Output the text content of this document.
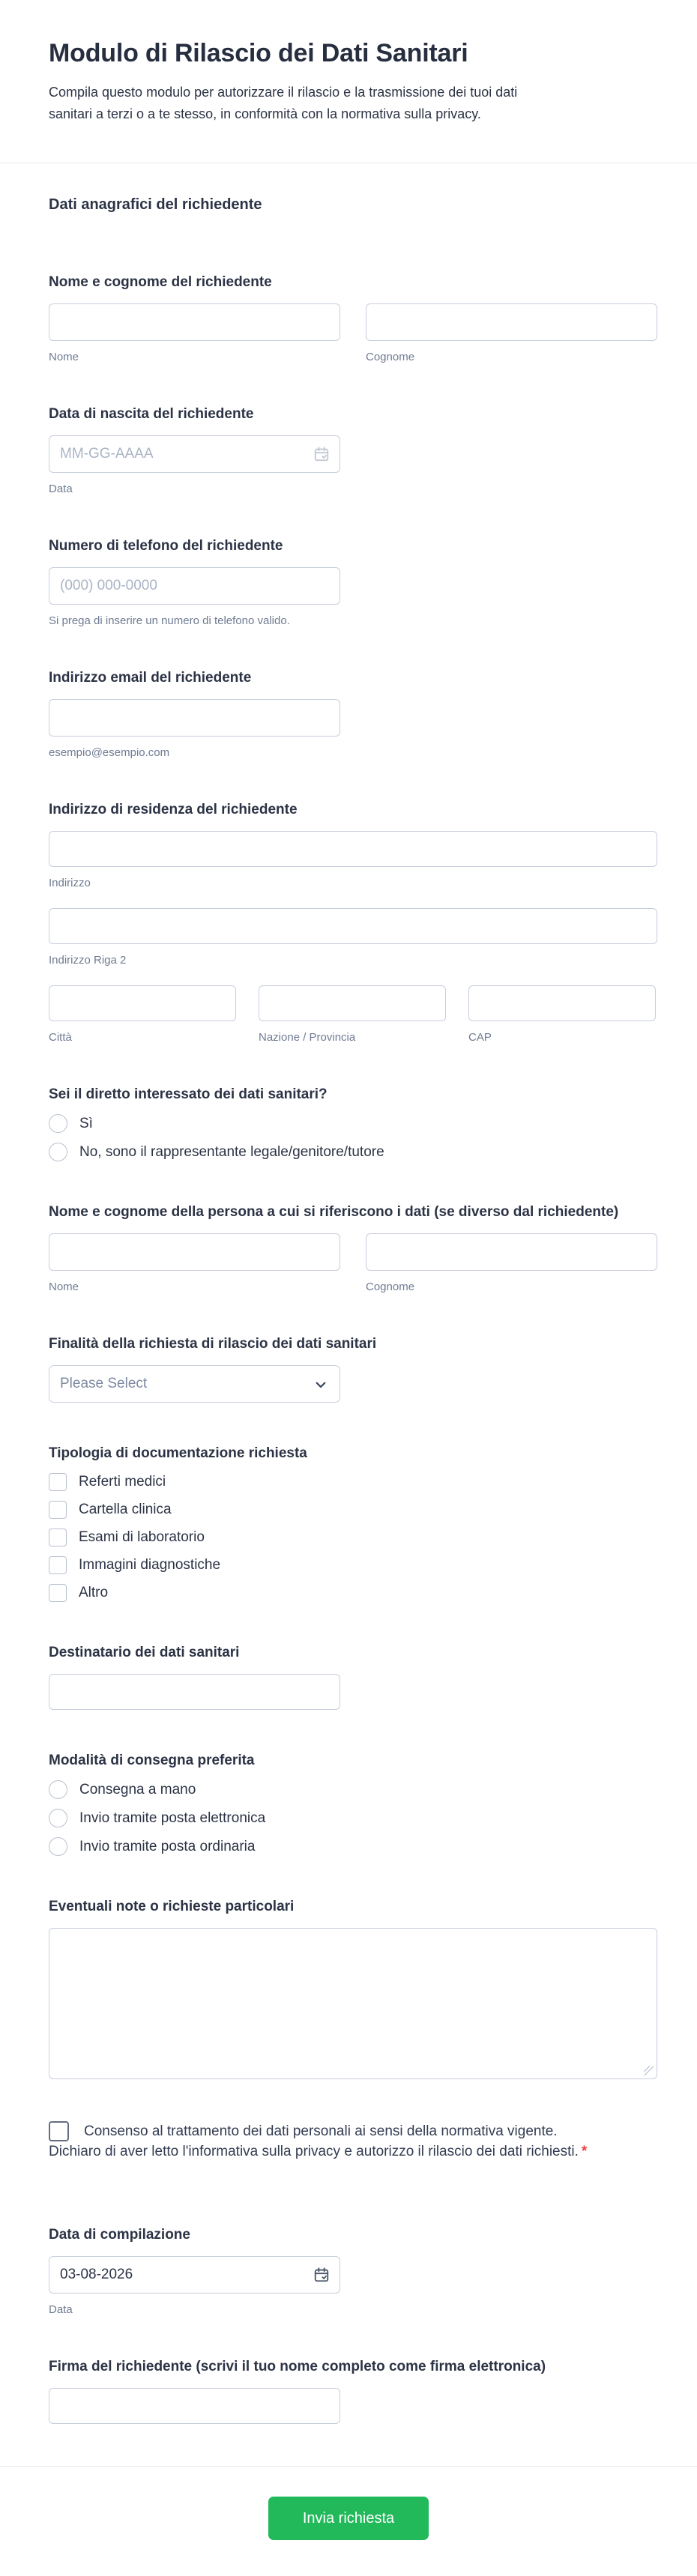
Modulo di Rilascio dei Dati Sanitari
Compila questo modulo per autorizzare il rilascio e la trasmissione dei tuoi dati
sanitari a terzi o a te stesso, in conformità con la normativa sulla privacy.
Dati anagrafici del richiedente
Nome e cognome del richiedente
Nome	Cognome
Data di nascita del richiedente
MM-GG-AAAA
Data
Numero di telefono del richiedente
(000) 000-0000
Si prega di inserire un numero di telefono valido.
Indirizzo email del richiedente
esempio@esempio.com
Indirizzo di residenza del richiedente
Indirizzo
Indirizzo Riga 2
Città	Nazione / Provincia	CAP
Sei il diretto interessato dei dati sanitari?
Sì
No, sono il rappresentante legale/genitore/tutore
Nome e cognome della persona a cui si riferiscono i dati (se diverso dal richiedente)
Nome	Cognome
Finalità della richiesta di rilascio dei dati sanitari
Please Select
Tipologia di documentazione richiesta
Referti medici
Cartella clinica
Esami di laboratorio
Immagini diagnostiche
Altro
Destinatario dei dati sanitari
Modalità di consegna preferita
Consegna a mano
Invio tramite posta elettronica
Invio tramite posta ordinaria
Eventuali note o richieste particolari
Consenso al trattamento dei dati personali ai sensi della normativa vigente. Dichiaro di aver letto l'informativa sulla privacy e autorizzo il rilascio dei dati richiesti. *
Data di compilazione
03-08-2026
Data
Firma del richiedente (scrivi il tuo nome completo come firma elettronica)
Invia richiesta
